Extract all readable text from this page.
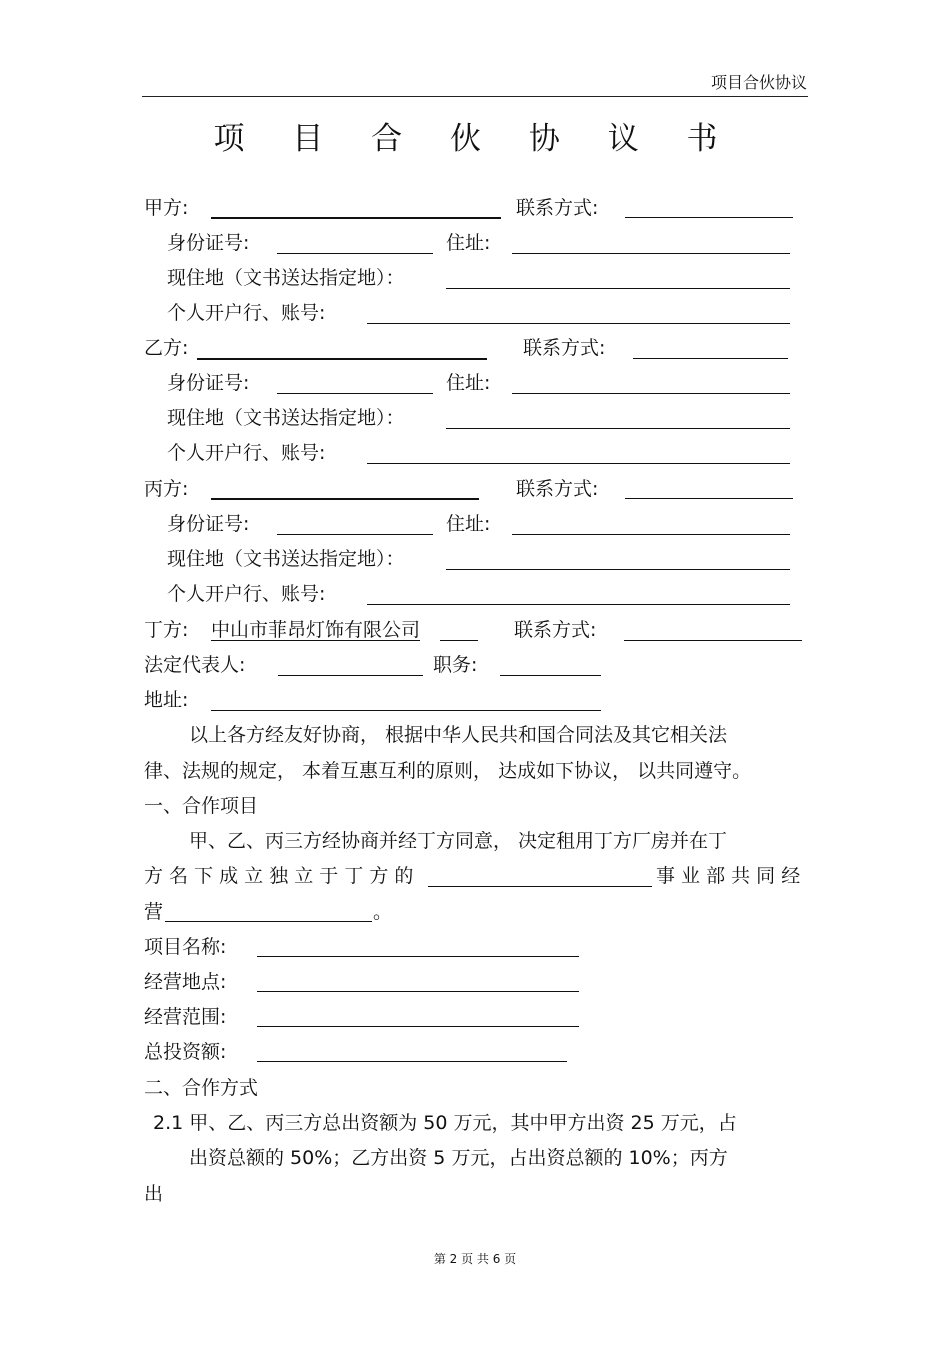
项目合伙协议
项 目 合 伙 协 议 书
甲方:	联系方式:
身份证号:	住址:
现住地（文书送达指定地）：
个人开户行、账号:
乙方:	联系方式:
身份证号:	住址:
现住地（文书送达指定地）：
个人开户行、账号:
丙方:	联系方式:
身份证号:	住址:
现住地（文书送达指定地）：
个人开户行、账号:
丁方: 中山市菲昂灯饰有限公司	联系方式:
法定代表人:	职务:
地址:
以上各方经友好协商， 根据中华人民共和国合同法及其它相关法
律、法规的规定， 本着互惠互利的原则， 达成如下协议， 以共同遵守。
一、合作项目
甲、乙、丙三方经协商并经丁方同意， 决定租用丁方厂房并在丁
方 名 下 成 立 独 立 于 丁 方 的	事 业 部 共 同 经
营	。
项目名称:
经营地点:
经营范围:
总投资额:
二、合作方式
2.1 甲、乙、丙三方总出资额为 50 万元，其中甲方出资 25 万元，占
出资总额的 50%；乙方出资 5 万元，占出资总额的 10%；丙方
出
第 2 页 共 6 页
